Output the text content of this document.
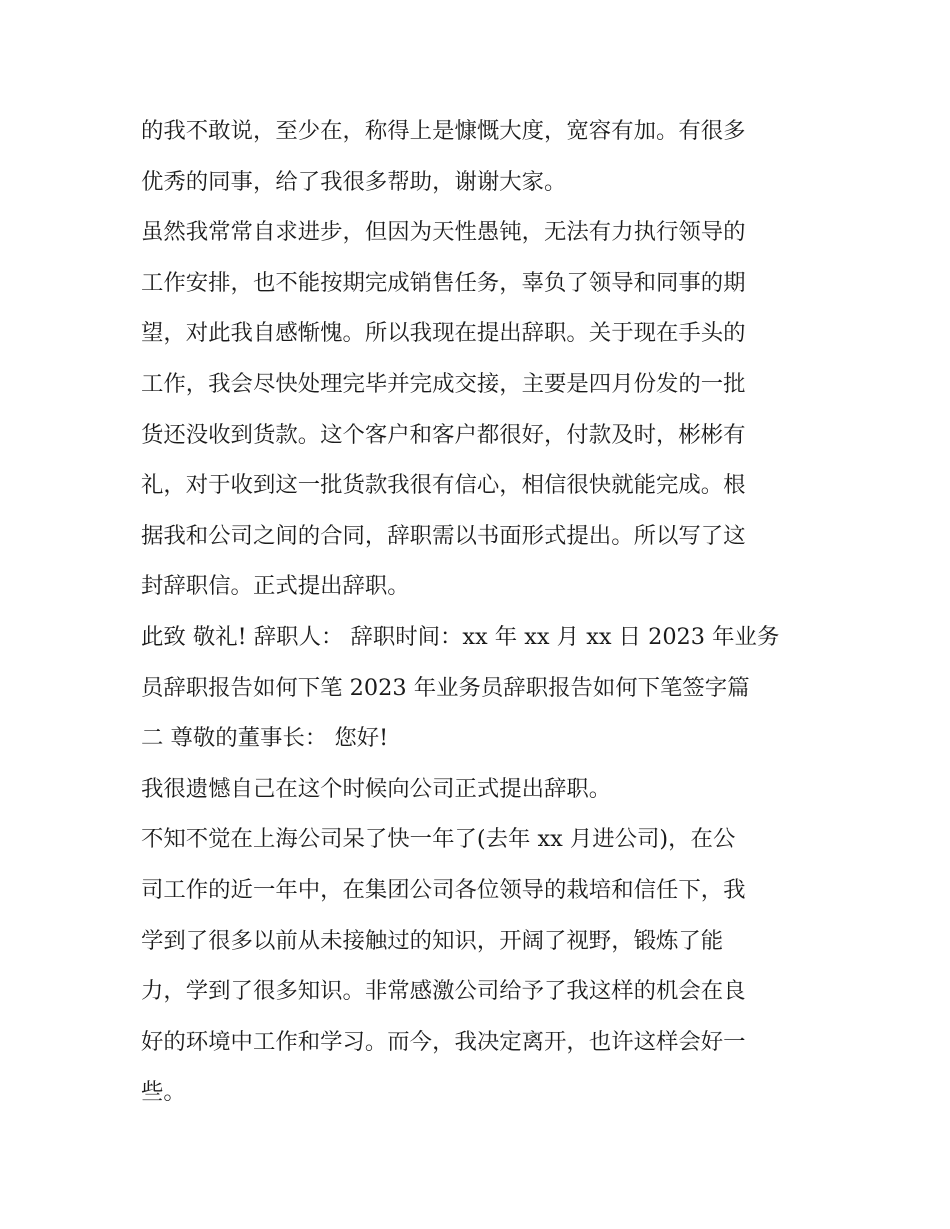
的我不敢说，至少在，称得上是慷慨大度，宽容有加。有很多
优秀的同事，给了我很多帮助，谢谢大家。
虽然我常常自求进步，但因为天性愚钝，无法有力执行领导的
工作安排，也不能按期完成销售任务，辜负了领导和同事的期
望，对此我自感惭愧。所以我现在提出辞职。关于现在手头的
工作，我会尽快处理完毕并完成交接，主要是四月份发的一批
货还没收到货款。这个客户和客户都很好，付款及时，彬彬有
礼，对于收到这一批货款我很有信心，相信很快就能完成。根
据我和公司之间的合同，辞职需以书面形式提出。所以写了这
封辞职信。正式提出辞职。
此致 敬礼! 辞职人： 辞职时间：xx 年 xx 月 xx 日 2023 年业务
员辞职报告如何下笔 2023 年业务员辞职报告如何下笔签字篇
二 尊敬的董事长： 您好!
我很遗憾自己在这个时候向公司正式提出辞职。
不知不觉在上海公司呆了快一年了(去年 xx 月进公司)，在公
司工作的近一年中，在集团公司各位领导的栽培和信任下，我
学到了很多以前从未接触过的知识，开阔了视野，锻炼了能
力，学到了很多知识。非常感激公司给予了我这样的机会在良
好的环境中工作和学习。而今，我决定离开，也许这样会好一
些。
